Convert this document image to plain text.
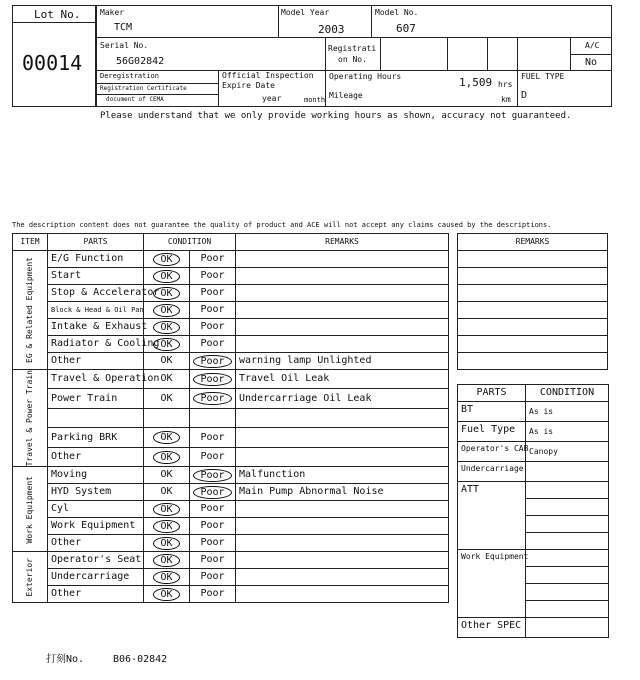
Lot No.
00014
Maker
TCM
Model Year
2003
Model No.
607
Serial No.
56G02842
Registrati
on No.
A/C
No
Deregistration
Registration Certificate
document of CEMA
Official Inspection
Expire Date
year	month
Operating Hours	1,509 hrs
Mileage	km
FUEL TYPE
D
Please understand that we only provide working hours as shown, accuracy not guaranteed.
The description content does not guarantee the quality of product and ACE will not accept any claims caused by the descriptions.
ITEM	PARTS	CONDITION		REMARKS

EG & Related Equipment	E/G Function	OK	Poor	
	Start	OK	Poor	
	Stop & Accelerator	OK	Poor	
	Block & Head & Oil Pan	OK	Poor	
	Intake & Exhaust	OK	Poor	
	Radiator & Cooling	OK	Poor	
	Other	OK	Poor	warning lamp Unlighted

Travel & Power Train	Travel & Operation	OK	Poor	Travel Oil Leak
	Power Train	OK	Poor	Undercarriage Oil Leak

	Parking BRK	OK	Poor	
	Other	OK	Poor	

Work Equipment	Moving	OK	Poor	Malfunction
	HYD System	OK	Poor	Main Pump Abnormal Noise
	Cyl	OK	Poor	
	Work Equipment	OK	Poor	
	Other	OK	Poor	

Exterior	Operator's Seat	OK	Poor	
	Undercarriage	OK	Poor	
	Other	OK	Poor	
REMARKS

PARTS	CONDITION
BT	As is
Fuel Type	As is
Operator's CAB	Canopy
Undercarriage	
ATT	

Work Equipment	

Other SPEC	
打刻No.	B06-02842
